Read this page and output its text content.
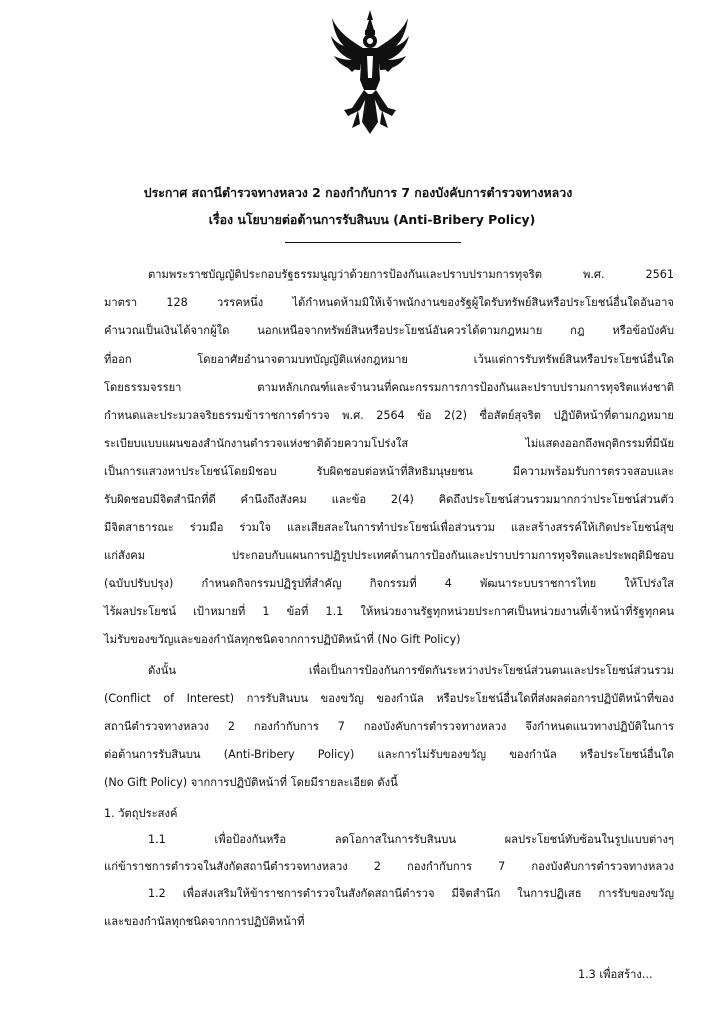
ประกาศ สถานีตำรวจทางหลวง 2 กองกำกับการ 7 กองบังคับการตำรวจทางหลวง
เรื่อง นโยบายต่อต้านการรับสินบน (Anti-Bribery Policy)
ตามพระราชบัญญัติประกอบรัฐธรรมนูญว่าด้วยการป้องกันและปราบปรามการทุจริต พ.ศ. 2561
มาตรา 128 วรรคหนึ่ง ได้กำหนดห้ามมิให้เจ้าพนักงานของรัฐผู้ใดรับทรัพย์สินหรือประโยชน์อื่นใดอันอาจ
คำนวณเป็นเงินได้จากผู้ใด นอกเหนือจากทรัพย์สินหรือประโยชน์อันควรได้ตามกฎหมาย กฎ หรือข้อบังคับ
ที่ออก โดยอาศัยอำนาจตามบทบัญญัติแห่งกฎหมาย เว้นแต่การรับทรัพย์สินหรือประโยชน์อื่นใด
โดยธรรมจรรยา ตามหลักเกณฑ์และจำนวนที่คณะกรรมการการป้องกันและปราบปรามการทุจริตแห่งชาติ
กำหนดและประมวลจริยธรรมข้าราชการตำรวจ พ.ศ. 2564 ข้อ 2(2) ซื่อสัตย์สุจริต ปฏิบัติหน้าที่ตามกฎหมาย
ระเบียบแบบแผนของสำนักงานตำรวจแห่งชาติด้วยความโปร่งใส ไม่แสดงออกถึงพฤติกรรมที่มีนัย
เป็นการแสวงหาประโยชน์โดยมิชอบ รับผิดชอบต่อหน้าที่สิทธิมนุษยชน มีความพร้อมรับการตรวจสอบและ
รับผิดชอบมีจิตสำนึกที่ดี คำนึงถึงสังคม และข้อ 2(4) คิดถึงประโยชน์ส่วนรวมมากกว่าประโยชน์ส่วนตัว
มีจิตสาธารณะ ร่วมมือ ร่วมใจ และเสียสละในการทำประโยชน์เพื่อส่วนรวม และสร้างสรรค์ให้เกิดประโยชน์สุข
แก่สังคม ประกอบกับแผนการปฏิรูปประเทศด้านการป้องกันและปราบปรามการทุจริตและประพฤติมิชอบ
(ฉบับปรับปรุง) กำหนดกิจกรรมปฏิรูปที่สำคัญ กิจกรรมที่ 4 พัฒนาระบบราชการไทย ให้โปร่งใส
ไร้ผลประโยชน์ เป้าหมายที่ 1 ข้อที่ 1.1 ให้หน่วยงานรัฐทุกหน่วยประกาศเป็นหน่วยงานที่เจ้าหน้าที่รัฐทุกคน
ไม่รับของขวัญและของกำนัลทุกชนิดจากการปฏิบัติหน้าที่ (No Gift Policy)
ดังนั้น เพื่อเป็นการป้องกันการขัดกันระหว่างประโยชน์ส่วนตนและประโยชน์ส่วนรวม
(Conflict of Interest) การรับสินบน ของขวัญ ของกำนัล หรือประโยชน์อื่นใดที่ส่งผลต่อการปฏิบัติหน้าที่ของ
สถานีตำรวจทางหลวง 2 กองกำกับการ 7 กองบังคับการตำรวจทางหลวง จึงกำหนดแนวทางปฏิบัติในการ
ต่อต้านการรับสินบน (Anti-Bribery Policy) และการไม่รับของขวัญ ของกำนัล หรือประโยชน์อื่นใด
(No Gift Policy) จากการปฏิบัติหน้าที่ โดยมีรายละเอียด ดังนี้
1. วัตถุประสงค์
1.1 เพื่อป้องกันหรือ ลดโอกาสในการรับสินบน ผลประโยชน์ทับซ้อนในรูปแบบต่างๆ
แก่ข้าราชการตำรวจในสังกัดสถานีตำรวจทางหลวง 2 กองกำกับการ 7 กองบังคับการตำรวจทางหลวง
1.2 เพื่อส่งเสริมให้ข้าราชการตำรวจในสังกัดสถานีตำรวจ มีจิตสำนึก ในการปฏิเสธ การรับของขวัญ
และของกำนัลทุกชนิดจากการปฏิบัติหน้าที่
1.3 เพื่อสร้าง...
